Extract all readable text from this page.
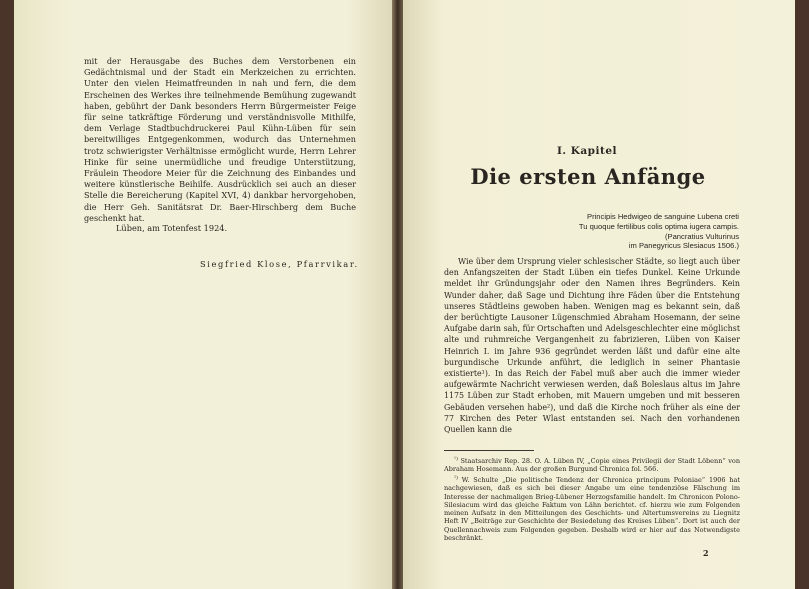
mit der Herausgabe des Buches dem Verstorbenen ein Gedächtnismal und der Stadt ein Merkzeichen zu errichten. Unter den vielen Heimatfreunden in nah und fern, die dem Erscheinen des Werkes ihre teilnehmende Bemühung zugewandt haben, gebührt der Dank besonders Herrn Bürgermeister Feige für seine tatkräftige Förderung und verständnisvolle Mithilfe, dem Verlage Stadtbuchdruckerei Paul Kühn-Lüben für sein bereitwilliges Entgegenkommen, wodurch das Unternehmen trotz schwierigster Verhältnisse ermöglicht wurde, Herrn Lehrer Hinke für seine unermüdliche und freudige Unterstützung, Fräulein Theodore Meier für die Zeichnung des Einbandes und weitere künstlerische Beihilfe. Ausdrücklich sei auch an dieser Stelle die Bereicherung (Kapitel XVI, 4) dankbar hervorgehoben, die Herr Geh. Sanitätsrat Dr. Baer-Hirschberg dem Buche geschenkt hat.

Lüben, am Totenfest 1924.
Siegfried Klose, Pfarrvikar.
I. Kapitel
Die ersten Anfänge
Principis Hedwigeo de sanguine Lubena creti
Tu quoque fertilibus colis optima iugera campis.
(Pancratius Vulturinus
im Panegyricus Slesiacus 1506.)
Wie über dem Ursprung vieler schlesischer Städte, so liegt auch über den Anfangszeiten der Stadt Lüben ein tiefes Dunkel. Keine Urkunde meldet ihr Gründungsjahr oder den Namen ihres Begründers. Kein Wunder daher, daß Sage und Dichtung ihre Fäden über die Entstehung unseres Städtleins gewoben haben. Wenigen mag es bekannt sein, daß der berüchtigte Lausoner Lügenschmied Abraham Hosemann, der seine Aufgabe darin sah, für Ortschaften und Adelsgeschlechter eine möglichst alte und ruhmreiche Vergangenheit zu fabrizieren, Lüben von Kaiser Heinrich I. im Jahre 936 gegründet werden läßt und dafür eine alte burgundische Urkunde anführt, die lediglich in seiner Phantasie existierte¹). In das Reich der Fabel muß aber auch die immer wieder aufgewärmte Nachricht verwiesen werden, daß Boleslaus altus im Jahre 1175 Lüben zur Stadt erhoben, mit Mauern umgeben und mit besseren Gebäuden versehen habe²), und daß die Kirche noch früher als eine der 77 Kirchen des Peter Wlast entstanden sei. Nach den vorhandenen Quellen kann die

$^{^1)}$ Staatsarchiv Rep. 28. O. A. Lüben IV, „Copie eines Privilegii der Stadt Löbenn“ von Abraham Hosemann. Aus der großen Burgund Chronica fol. 566.

$^{^2)}$ W. Schulte „Die politische Tendenz der Chronica principum Poloniae“ 1906 hat nachgewiesen, daß es sich bei dieser Angabe um eine tendenziöse Fälschung im Interesse der nachmaligen Brieg-Lübener Herzogsfamilie handelt. Im Chronicon Polono-Silesiacum wird das gleiche Faktum von Lähn berichtet. cf. hierzu wie zum Folgenden meinen Aufsatz in den Mitteilungen des Geschichts- und Altertumsvereins zu Liegnitz Heft IV „Beiträge zur Geschichte der Besiedelung des Kreises Lüben“. Dort ist auch der Quellennachweis zum Folgenden gegeben. Deshalb wird er hier auf das Notwendigste beschränkt.

2
